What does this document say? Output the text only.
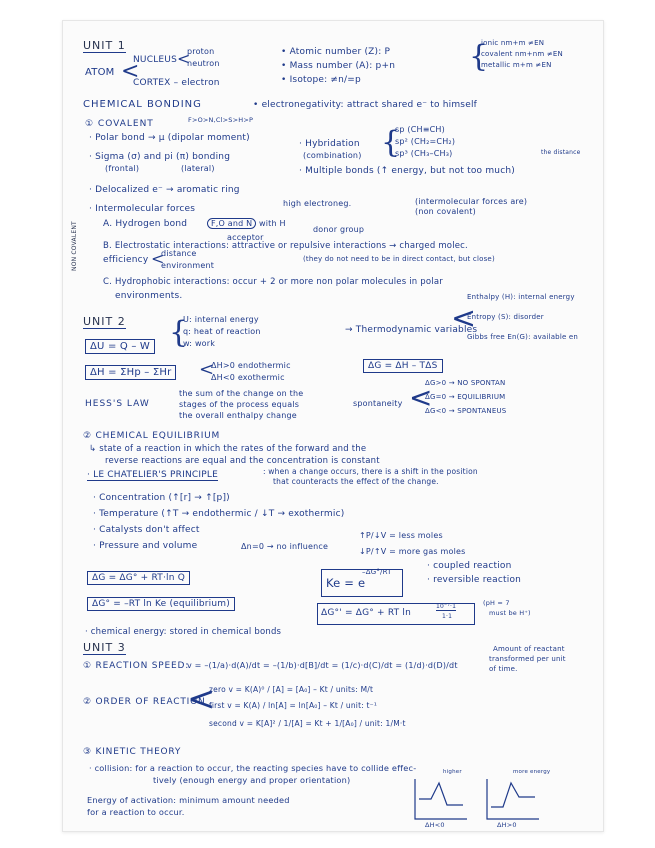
NON COVALENT
UNIT 1
ATOM <
NUCLEUS <
proton
neutron
CORTEX – electron
• Atomic number (Z): P
• Mass number (A): p+n
• Isotope: ≠n/=p
{
ionic nm+m ≠EN
covalent nm+nm ≠EN
metallic m+m ≠EN
CHEMICAL BONDING	• electronegativity: attract shared e⁻ to himself
① COVALENT	F>O>N,Cl>S>H>P
· Polar bond → μ (dipolar moment)
· Sigma (σ) and pi (π) bonding
(frontal)	(lateral)
· Hybridation
(combination) {
sp (CH≡CH)
sp² (CH₂=CH₂)
sp³ (CH₃–CH₃)	the distance
· Multiple bonds (↑ energy, but not too much)
· Delocalized e⁻ → aromatic ring
· Intermolecular forces
high electroneg.	(intermolecular forces are)
(non covalent)
A. Hydrogen bond	F,O and N with H
donor group
acceptor
B. Electrostatic interactions: attractive or repulsive interactions → charged molec.
efficiency <
distance
environment
(they do not need to be in direct contact, but close)
C. Hydrophobic interactions: occur + 2 or more non polar molecules in polar
environments.
UNIT 2
ΔU = Q – W {
U: internal energy
q: heat of reaction
w: work
ΔH = ΣHp – ΣHr <
ΔH>0 endothermic
ΔH<0 exothermic
HESS'S LAW
the sum of the change on the
stages of the process equals
the overall enthalpy change
→ Thermodynamic variables
<
Enthalpy (H): internal energy
Entropy (S): disorder
Gibbs free En(G): available en
ΔG = ΔH – TΔS
spontaneity <
ΔG>0 → NO SPONTAN
ΔG=0 → EQUILIBRIUM
ΔG<0 → SPONTANEUS
② CHEMICAL EQUILIBRIUM
↳ state of a reaction in which the rates of the forward and the
reverse reactions are equal and the concentration is constant
· LE CHATELIER'S PRINCIPLE	: when a change occurs, there is a shift in the position
that counteracts the effect of the change.
· Concentration (↑[r] → ↑[p])
· Temperature (↑T → endothermic / ↓T → exothermic)
· Catalysts don't affect
· Pressure and volume	Δn=0 → no influence
↑P/↓V = less moles
↓P/↑V = more gas moles
ΔG = ΔG° + RT·ln Q
ΔG° = –RT ln Ke (equilibrium)
Ke = e
–ΔG°/RT
· coupled reaction
· reversible reaction
ΔG°' = ΔG° + RT ln
10⁻⁷·1
1·1
(pH = 7
must be H⁺)
· chemical energy: stored in chemical bonds
UNIT 3
① REACTION SPEED:
v = –(1/a)·d(A)/dt = –(1/b)·d[B]/dt = (1/c)·d(C)/dt = (1/d)·d(D)/dt
Amount of reactant
transformed per unit
of time.
② ORDER OF REACTION
<
zero v = K(A)⁰ / [A] = [A₀] – Kt / units: M/t
first v = K(A) / ln[A] = ln[A₀] – Kt / unit: t⁻¹
second v = K[A]² / 1/[A] = Kt + 1/[A₀] / unit: 1/M·t
③ KINETIC THEORY
· collision: for a reaction to occur, the reacting species have to collide effec-
tively (enough energy and proper orientation)
Energy of activation: minimum amount needed
for a reaction to occur.
ΔH<0
higher
ΔH>0
more energy
